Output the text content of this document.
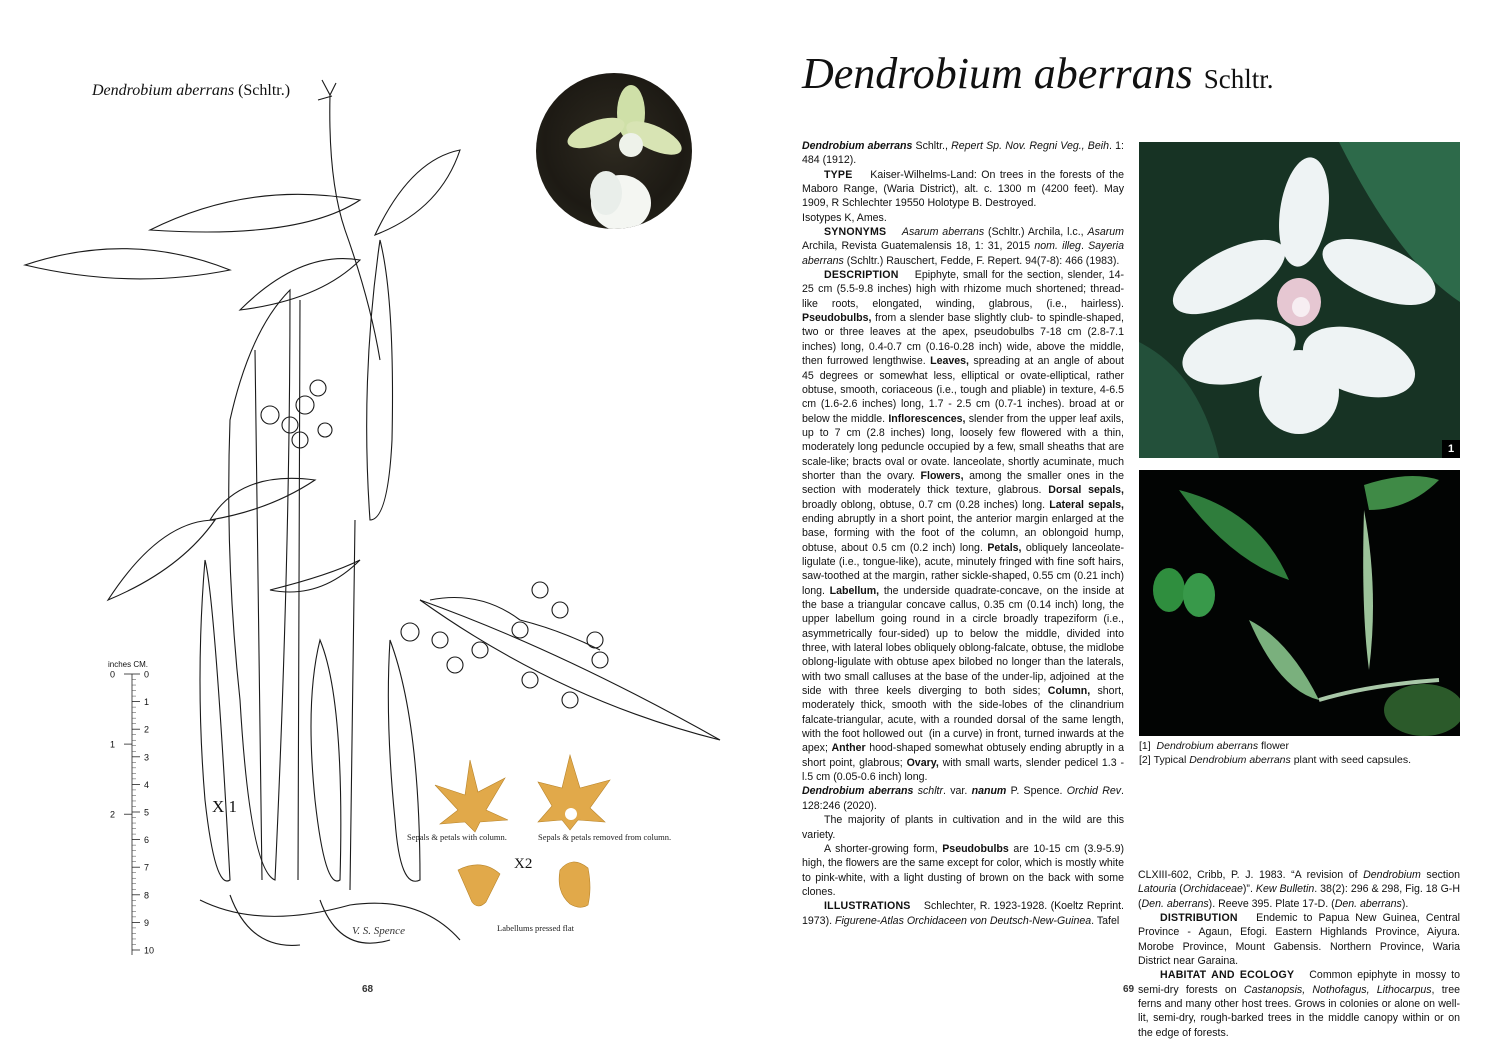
Dendrobium aberrans (Schltr.)
inches CM.
0
1
2
3
4
5
6
7
8
9
10
0
1
2	X 1
Sepals & petals with column.	Sepals & petals removed from column.
X2
Labellums pressed flat
V. S. Spence
68
Dendrobium aberrans Schltr.

Dendrobium aberrans Schltr., Repert Sp. Nov. Regni Veg., Beih. 1: 484 (1912).

TYPE    Kaiser-Wilhelms-Land: On trees in the forests of the Maboro Range, (Waria District), alt. c. 1300 m (4200 feet). May 1909, R Schlechter 19550 Holotype B. Destroyed.

Isotypes K, Ames.

SYNONYMS Asarum aberrans (Schltr.) Archila, l.c., Asarum Archila, Revista Guatemalensis 18, 1: 31, 2015 nom. illeg. Sayeria aberrans (Schltr.) Rauschert, Fedde, F. Repert. 94(7-8): 466 (1983).

DESCRIPTION    Epiphyte, small for the section, slender, 14-25 cm (5.5-9.8 inches) high with rhizome much shortened; thread-like roots, elongated, winding, glabrous, (i.e., hairless). Pseudobulbs, from a slender base slightly club- to spindle-shaped, two or three leaves at the apex, pseudobulbs 7-18 cm (2.8-7.1 inches) long, 0.4-0.7 cm (0.16-0.28 inch) wide, above the middle, then furrowed lengthwise. Leaves, spreading at an angle of about 45 degrees or somewhat less, elliptical or ovate-elliptical, rather obtuse, smooth, coriaceous (i.e., tough and pliable) in texture, 4-6.5 cm (1.6-2.6 inches) long, 1.7 - 2.5 cm (0.7-1 inches). broad at or below the middle. Inflorescences, slender from the upper leaf axils, up to 7 cm (2.8 inches) long, loosely few flowered with a thin, moderately long peduncle occupied by a few, small sheaths that are scale-like; bracts oval or ovate. lanceolate, shortly acuminate, much shorter than the ovary. Flowers, among the smaller ones in the section with moderately thick texture, glabrous. Dorsal sepals, broadly oblong, obtuse, 0.7 cm (0.28 inches) long. Lateral sepals, ending abruptly in a short point, the anterior margin enlarged at the base, forming with the foot of the column, an oblongoid hump, obtuse, about 0.5 cm (0.2 inch) long. Petals, obliquely lanceolate-ligulate (i.e., tongue-like), acute, minutely fringed with fine soft hairs, saw-toothed at the margin, rather sickle-shaped, 0.55 cm (0.21 inch) long. Labellum, the underside quadrate-concave, on the inside at the base a triangular concave callus, 0.35 cm (0.14 inch) long, the upper labellum going round in a circle broadly trapeziform (i.e., asymmetrically four-sided) up to below the middle, divided into three, with lateral lobes obliquely oblong-falcate, obtuse, the midlobe oblong-ligulate with obtuse apex bilobed no longer than the laterals, with two small calluses at the base of the under-lip, adjoined  at the side with three keels diverging to both sides; Column, short, moderately thick, smooth with the side-lobes of the clinandrium falcate-triangular, acute, with a rounded dorsal of the same length, with the foot hollowed out  (in a curve) in front, turned inwards at the apex; Anther hood-shaped somewhat obtusely ending abruptly in a short point, glabrous; Ovary, with small warts, slender pedicel 1.3 - l.5 cm (0.05-0.6 inch) long.

Dendrobium aberrans schltr. var. nanum P. Spence. Orchid Rev. 128:246 (2020).

The majority of plants in cultivation and in the wild are this variety.

A shorter-growing form, Pseudobulbs are 10-15 cm (3.9-5.9) high, the flowers are the same except for color, which is mostly white to pink-white, with a light dusting of brown on the back with some clones.

ILLUSTRATIONS    Schlechter, R. 1923-1928. (Koeltz Reprint. 1973). Figurene-Atlas Orchidaceen von Deutsch-New-Guinea. Tafel

1
[1] Dendrobium aberrans flower
[2] Typical Dendrobium aberrans plant with seed capsules.

CLXIII-602, Cribb, P. J. 1983. “A revision of Dendrobium section Latouria (Orchidaceae)”. Kew Bulletin. 38(2): 296 & 298, Fig. 18 G-H (Den. aberrans). Reeve 395. Plate 17-D. (Den. aberrans).

DISTRIBUTION   Endemic to Papua New Guinea, Central Province - Agaun, Efogi. Eastern Highlands Province, Aiyura. Morobe Province, Mount Gabensis. Northern Province, Waria District near Garaina.

HABITAT AND ECOLOGY   Common epiphyte in mossy to semi-dry forests on Castanopsis, Nothofagus, Lithocarpus, tree ferns and many other host trees. Grows in colonies or alone on well-lit, semi-dry, rough-barked trees in the middle canopy within or on the edge of forests.

69
